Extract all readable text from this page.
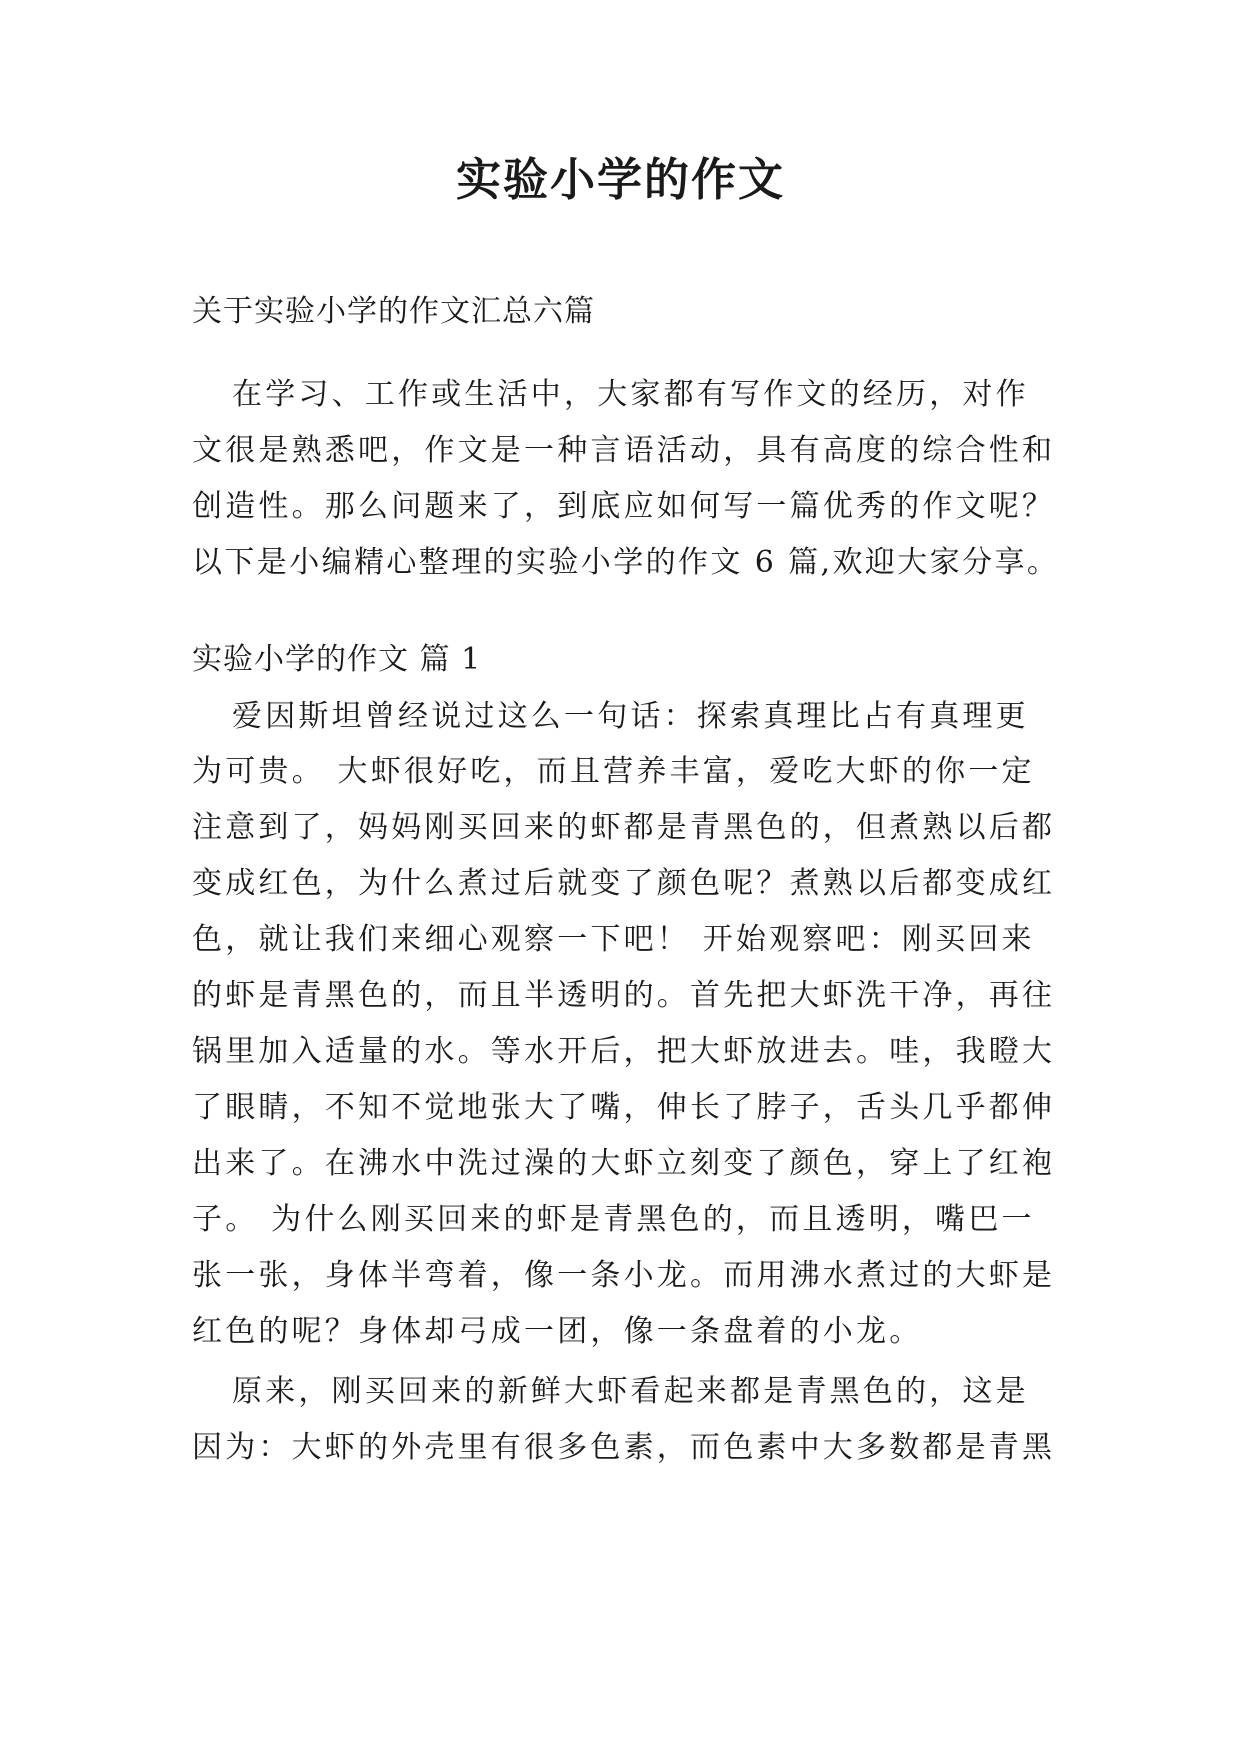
实验小学的作文

关于实验小学的作文汇总六篇

在学习、工作或生活中，大家都有写作文的经历，对作

文很是熟悉吧，作文是一种言语活动，具有高度的综合性和

创造性。那么问题来了，到底应如何写一篇优秀的作文呢？

以下是小编精心整理的实验小学的作文 6 篇,欢迎大家分享。

实验小学的作文 篇 1

爱因斯坦曾经说过这么一句话：探索真理比占有真理更

为可贵。 大虾很好吃，而且营养丰富，爱吃大虾的你一定

注意到了，妈妈刚买回来的虾都是青黑色的，但煮熟以后都

变成红色，为什么煮过后就变了颜色呢？煮熟以后都变成红

色，就让我们来细心观察一下吧！ 开始观察吧：刚买回来

的虾是青黑色的，而且半透明的。首先把大虾洗干净，再往

锅里加入适量的水。等水开后，把大虾放进去。哇，我瞪大

了眼睛，不知不觉地张大了嘴，伸长了脖子，舌头几乎都伸

出来了。在沸水中洗过澡的大虾立刻变了颜色，穿上了红袍

子。 为什么刚买回来的虾是青黑色的，而且透明，嘴巴一

张一张，身体半弯着，像一条小龙。而用沸水煮过的大虾是

红色的呢？身体却弓成一团，像一条盘着的小龙。

原来，刚买回来的新鲜大虾看起来都是青黑色的，这是

因为：大虾的外壳里有很多色素，而色素中大多数都是青黑
